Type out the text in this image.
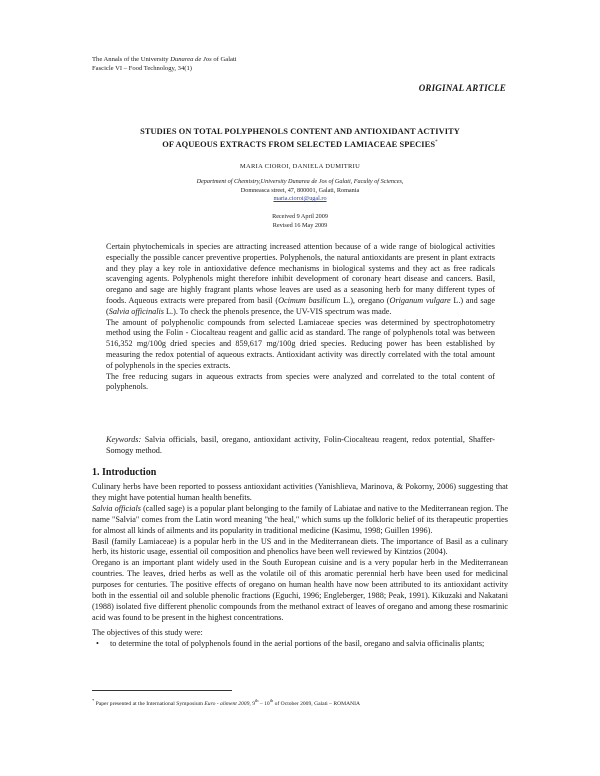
The Annals of the University Dunarea de Jos of Galati
Fascicle VI – Food Technology, 34(1)
ORIGINAL ARTICLE
STUDIES ON TOTAL POLYPHENOLS CONTENT AND ANTIOXIDANT ACTIVITY
OF AQUEOUS EXTRACTS FROM SELECTED LAMIACEAE SPECIES*
MARIA CIOROI, DANIELA DUMITRIU
Department of Chemistry,University Dunarea de Jos of Galati, Faculty of Sciences,
Domneasca street, 47, 800001, Galati, Romania
maria.cioroi@ugal.ro
Received 9 April 2009
Revised 16 May 2009

Certain phytochemicals in species are attracting increased attention because of a wide range of biological activities especially the possible cancer preventive properties. Polyphenols, the natural antioxidants are present in plant extracts and they play a key role in antioxidative defence mechanisms in biological systems and they act as free radicals scavenging agents. Polyphenols might therefore inhibit development of coronary heart disease and cancers. Basil, oregano and sage are highly fragrant plants whose leaves are used as a seasoning herb for many different types of foods. Aqueous extracts were prepared from basil (Ocimum basilicum L.), oregano (Origanum vulgare L.) and sage (Salvia officinalis L.). To check the phenols presence, the UV-VIS spectrum was made.

The amount of polyphenolic compounds from selected Lamiaceae species was determined by spectrophotometry method using the Folin - Ciocalteau reagent and gallic acid as standard. The range of polyphenols total was between 516,352 mg/100g dried species and 859,617 mg/100g dried species. Reducing power has been established by measuring the redox potential of aqueous extracts. Antioxidant activity was directly correlated with the total amount of polyphenols in the species extracts.

The free reducing sugars in aqueous extracts from species were analyzed and correlated to the total content of polyphenols.

Keywords: Salvia officials, basil, oregano, antioxidant activity, Folin-Ciocalteau reagent, redox potential, Shaffer-Somogy method.
1. Introduction

Culinary herbs have been reported to possess antioxidant activities (Yanishlieva, Marinova, & Pokorny, 2006) suggesting that they might have potential human health benefits.

Salvia officials (called sage) is a popular plant belonging to the family of Labiatae and native to the Mediterranean region. The name "Salvia" comes from the Latin word meaning "the heal," which sums up the folkloric belief of its therapeutic properties for almost all kinds of ailments and its popularity in traditional medicine (Kasimu, 1998; Guillen 1996).

Basil (family Lamiaceae) is a popular herb in the US and in the Mediterranean diets. The importance of Basil as a culinary herb, its historic usage, essential oil composition and phenolics have been well reviewed by Kintzios (2004).

Oregano is an important plant widely used in the South European cuisine and is a very popular herb in the Mediterranean countries. The leaves, dried herbs as well as the volatile oil of this aromatic perennial herb have been used for medicinal purposes for centuries. The positive effects of oregano on human health have now been attributed to its antioxidant activity both in the essential oil and soluble phenolic fractions (Eguchi, 1996; Engleberger, 1988; Peak, 1991). Kikuzaki and Nakatani (1988) isolated five different phenolic compounds from the methanol extract of leaves of oregano and among these rosmarinic acid was found to be present in the highest concentrations.

The objectives of this study were:

• to determine the total of polyphenols found in the aerial portions of the basil, oregano and salvia officinalis plants;
* Paper presented at the International Symposium Euro - aliment 2009, 9th – 10th of October 2009, Galati – ROMANIA
